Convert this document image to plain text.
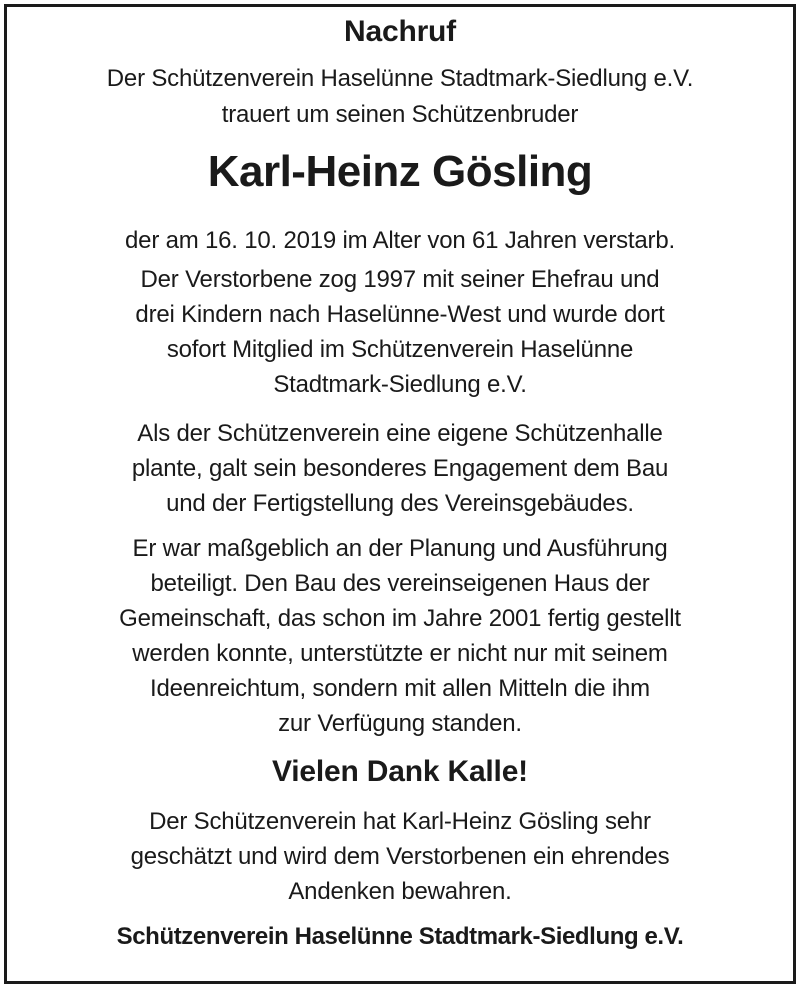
Nachruf
Der Schützenverein Haselünne Stadtmark-Siedlung e.V.
trauert um seinen Schützenbruder
Karl-Heinz Gösling
der am 16. 10. 2019 im Alter von 61 Jahren verstarb.
Der Verstorbene zog 1997 mit seiner Ehefrau und
drei Kindern nach Haselünne-West und wurde dort
sofort Mitglied im Schützenverein Haselünne
Stadtmark-Siedlung e.V.
Als der Schützenverein eine eigene Schützenhalle
plante, galt sein besonderes Engagement dem Bau
und der Fertigstellung des Vereinsgebäudes.
Er war maßgeblich an der Planung und Ausführung
beteiligt. Den Bau des vereinseigenen Haus der
Gemeinschaft, das schon im Jahre 2001 fertig gestellt
werden konnte, unterstützte er nicht nur mit seinem
Ideenreichtum, sondern mit allen Mitteln die ihm
zur Verfügung standen.
Vielen Dank Kalle!
Der Schützenverein hat Karl-Heinz Gösling sehr
geschätzt und wird dem Verstorbenen ein ehrendes
Andenken bewahren.
Schützenverein Haselünne Stadtmark-Siedlung e.V.
